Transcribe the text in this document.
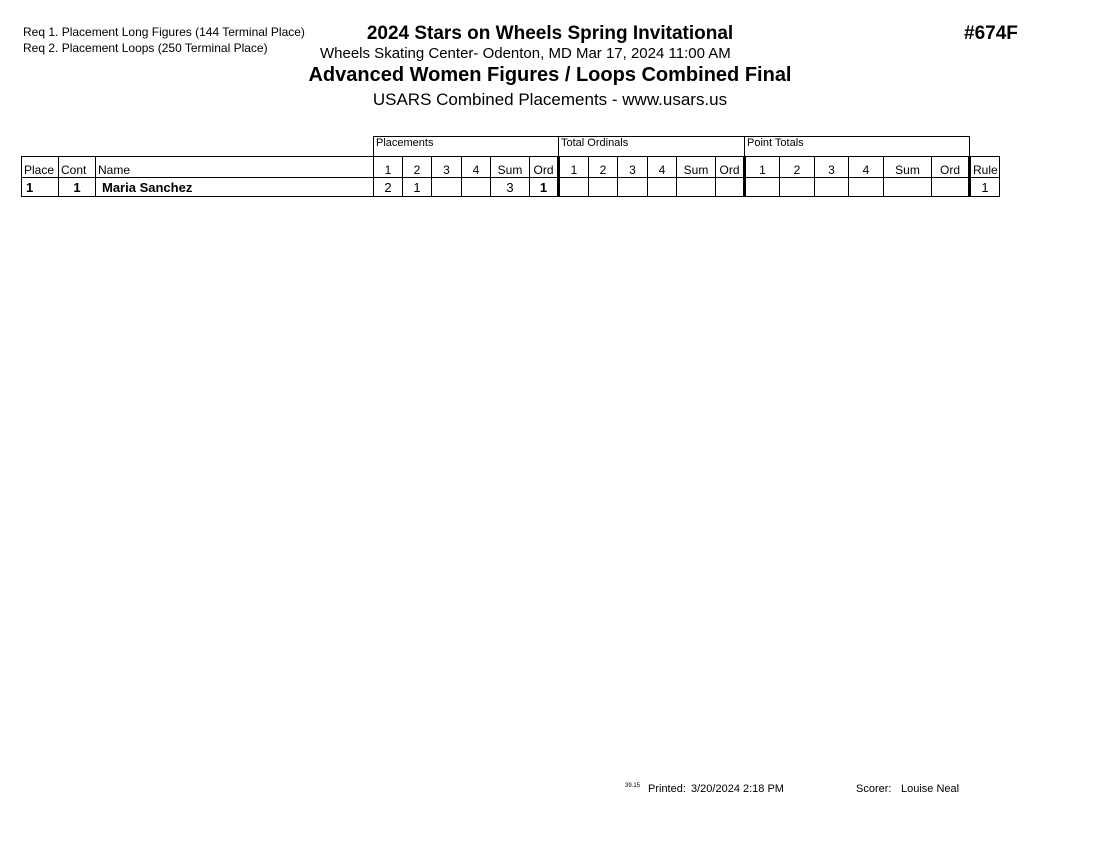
Req 1. Placement Long Figures (144 Terminal Place)
Req 2. Placement Loops (250 Terminal Place)
2024 Stars on Wheels Spring Invitational
Wheels Skating Center- Odenton, MD Mar 17, 2024 11:00 AM
Advanced Women Figures / Loops Combined Final
USARS Combined Placements - www.usars.us
#674F
			Placements						Total Ordinals						Point Totals						
Place	Cont	Name	1	2	3	4	Sum	Ord	1	2	3	4	Sum	Ord	1	2	3	4	Sum	Ord	Rule
1	1	Maria Sanchez	2	1			3	1													1
39.15 Printed: 3/20/2024 2:18 PM	Scorer: Louise Neal
